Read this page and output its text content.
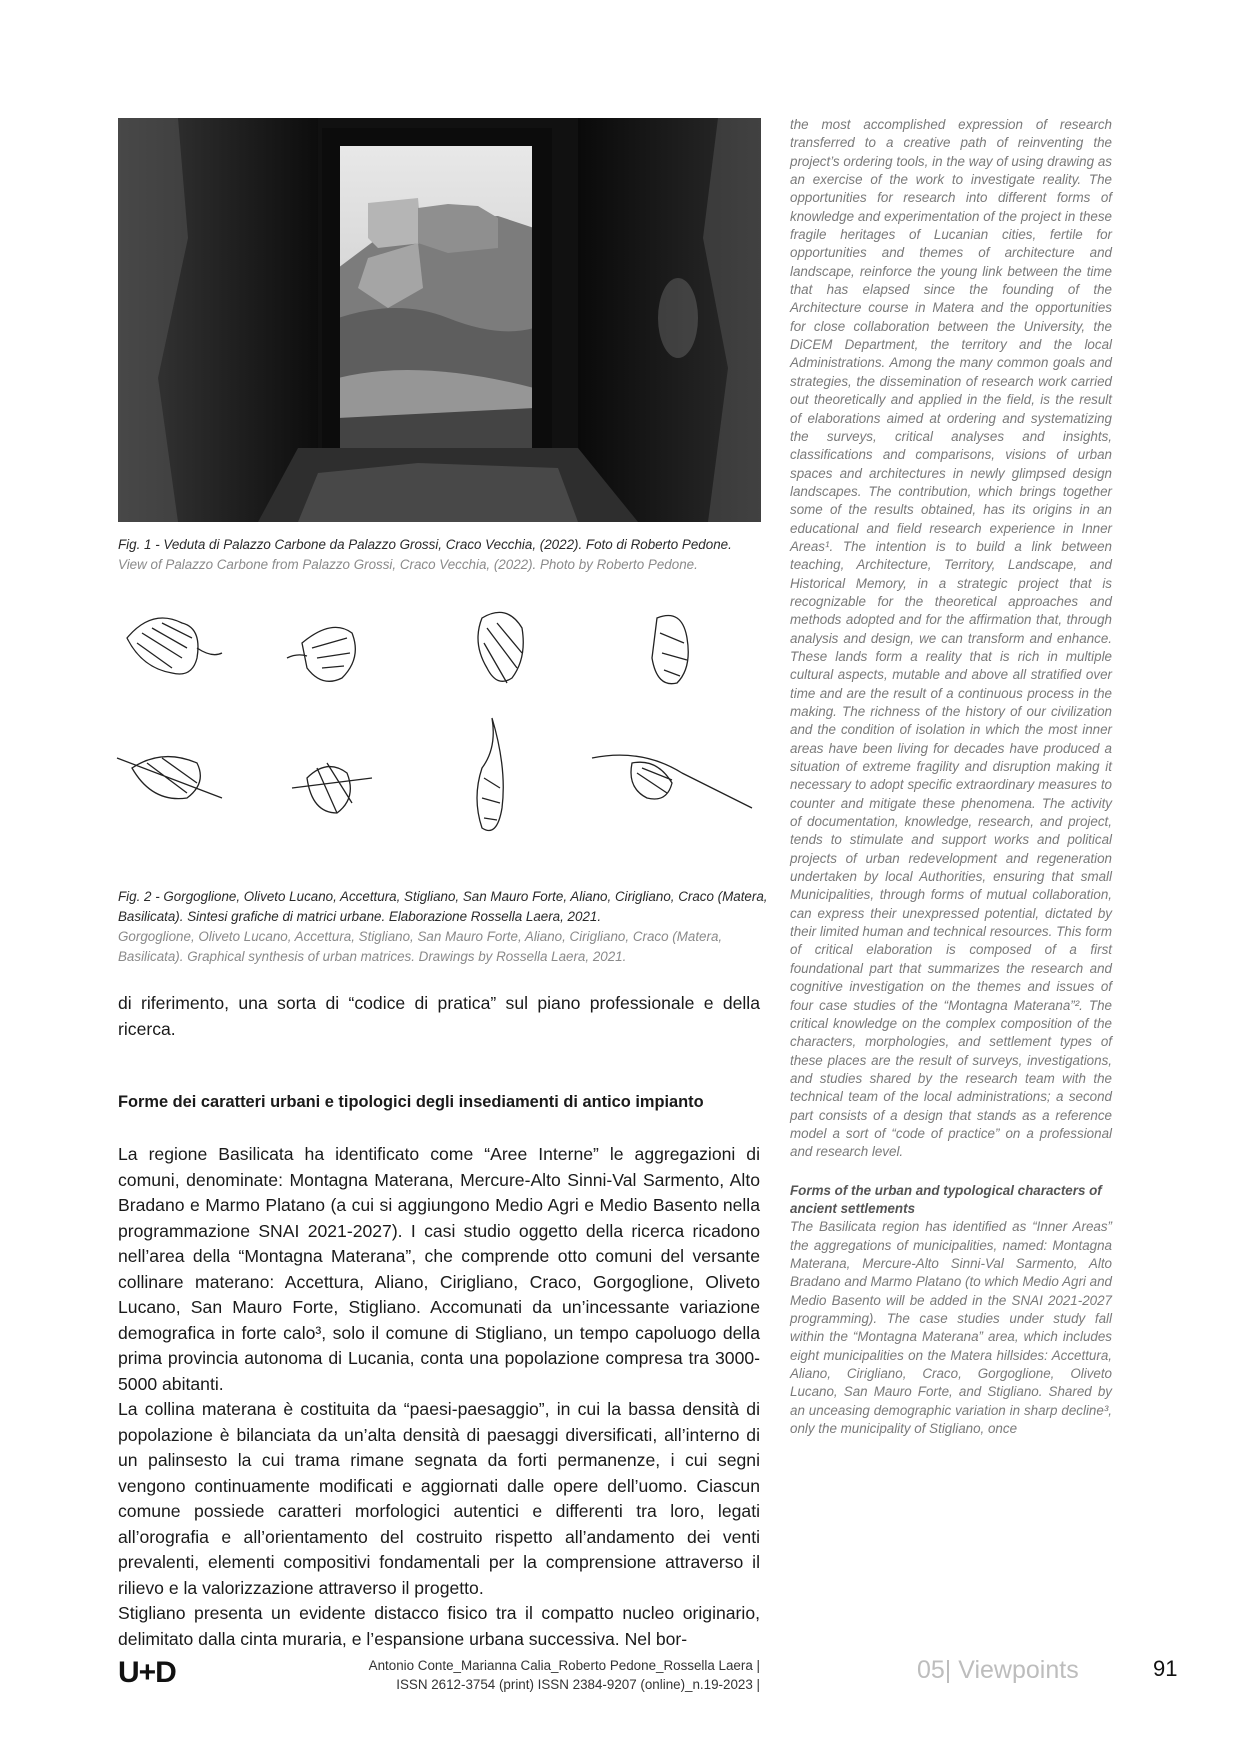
Fig. 1 - Veduta di Palazzo Carbone da Palazzo Grossi, Craco Vecchia, (2022). Foto di Roberto Pedone.
View of Palazzo Carbone from Palazzo Grossi, Craco Vecchia, (2022). Photo by Roberto Pedone.
Fig. 2 - Gorgoglione, Oliveto Lucano, Accettura, Stigliano, San Mauro Forte, Aliano, Cirigliano, Craco (Matera, Basilicata). Sintesi grafiche di matrici urbane. Elaborazione Rossella Laera, 2021.
Gorgoglione, Oliveto Lucano, Accettura, Stigliano, San Mauro Forte, Aliano, Cirigliano, Craco (Matera, Basilicata). Graphical synthesis of urban matrices. Drawings by Rossella Laera, 2021.

di riferimento, una sorta di “codice di pratica” sul piano professionale e della ricerca.

Forme dei caratteri urbani e tipologici degli insediamenti di antico impianto

La regione Basilicata ha identificato come “Aree Interne” le aggregazioni di comuni, denominate: Montagna Materana, Mercure-Alto Sinni-Val Sarmento, Alto Bradano e Marmo Platano (a cui si aggiungono Medio Agri e Medio Basento nella programmazione SNAI 2021-2027). I casi studio oggetto della ricerca ricadono nell’area della “Montagna Materana”, che comprende otto comuni del versante collinare materano: Accettura, Aliano, Cirigliano, Craco, Gorgoglione, Oliveto Lucano, San Mauro Forte, Stigliano. Accomunati da un’incessante variazione demografica in forte calo³, solo il comune di Stigliano, un tempo capoluogo della prima provincia autonoma di Lucania, conta una popolazione compresa tra 3000-5000 abitanti.

La collina materana è costituita da “paesi-paesaggio”, in cui la bassa densità di popolazione è bilanciata da un’alta densità di paesaggi diversificati, all’interno di un palinsesto la cui trama rimane segnata da forti permanenze, i cui segni vengono continuamente modificati e aggiornati dalle opere dell’uomo. Ciascun comune possiede caratteri morfologici autentici e differenti tra loro, legati all’orografia e all’orientamento del costruito rispetto all’andamento dei venti prevalenti, elementi compositivi fondamentali per la comprensione attraverso il rilievo e la valorizzazione attraverso il progetto.

Stigliano presenta un evidente distacco fisico tra il compatto nucleo originario, delimitato dalla cinta muraria, e l’espansione urbana successiva. Nel bor-

the most accomplished expression of research transferred to a creative path of reinventing the project’s ordering tools, in the way of using drawing as an exercise of the work to investigate reality. The opportunities for research into different forms of knowledge and experimentation of the project in these fragile heritages of Lucanian cities, fertile for opportunities and themes of architecture and landscape, reinforce the young link between the time that has elapsed since the founding of the Architecture course in Matera and the opportunities for close collaboration between the University, the DiCEM Department, the territory and the local Administrations. Among the many common goals and strategies, the dissemination of research work carried out theoretically and applied in the field, is the result of elaborations aimed at ordering and systematizing the surveys, critical analyses and insights, classifications and comparisons, visions of urban spaces and architectures in newly glimpsed design landscapes. The contribution, which brings together some of the results obtained, has its origins in an educational and field research experience in Inner Areas¹. The intention is to build a link between teaching, Architecture, Territory, Landscape, and Historical Memory, in a strategic project that is recognizable for the theoretical approaches and methods adopted and for the affirmation that, through analysis and design, we can transform and enhance. These lands form a reality that is rich in multiple cultural aspects, mutable and above all stratified over time and are the result of a continuous process in the making. The richness of the history of our civilization and the condition of isolation in which the most inner areas have been living for decades have produced a situation of extreme fragility and disruption making it necessary to adopt specific extraordinary measures to counter and mitigate these phenomena. The activity of documentation, knowledge, research, and project, tends to stimulate and support works and political projects of urban redevelopment and regeneration undertaken by local Authorities, ensuring that small Municipalities, through forms of mutual collaboration, can express their unexpressed potential, dictated by their limited human and technical resources. This form of critical elaboration is composed of a first foundational part that summarizes the research and cognitive investigation on the themes and issues of four case studies of the “Montagna Materana”². The critical knowledge on the complex composition of the characters, morphologies, and settlement types of these places are the result of surveys, investigations, and studies shared by the research team with the technical team of the local administrations; a second part consists of a design that stands as a reference model a sort of “code of practice” on a professional and research level.

Forms of the urban and typological characters of ancient settlements

The Basilicata region has identified as “Inner Areas” the aggregations of municipalities, named: Montagna Materana, Mercure-Alto Sinni-Val Sarmento, Alto Bradano and Marmo Platano (to which Medio Agri and Medio Basento will be added in the SNAI 2021-2027 programming). The case studies under study fall within the “Montagna Materana” area, which includes eight municipalities on the Matera hillsides: Accettura, Aliano, Cirigliano, Craco, Gorgoglione, Oliveto Lucano, San Mauro Forte, and Stigliano. Shared by an unceasing demographic variation in sharp decline³, only the municipality of Stigliano, once

U+D	Antonio Conte_Marianna Calia_Roberto Pedone_Rossella Laera |
ISSN 2612-3754 (print) ISSN 2384-9207 (online)_n.19-2023 |
05| Viewpoints	91
